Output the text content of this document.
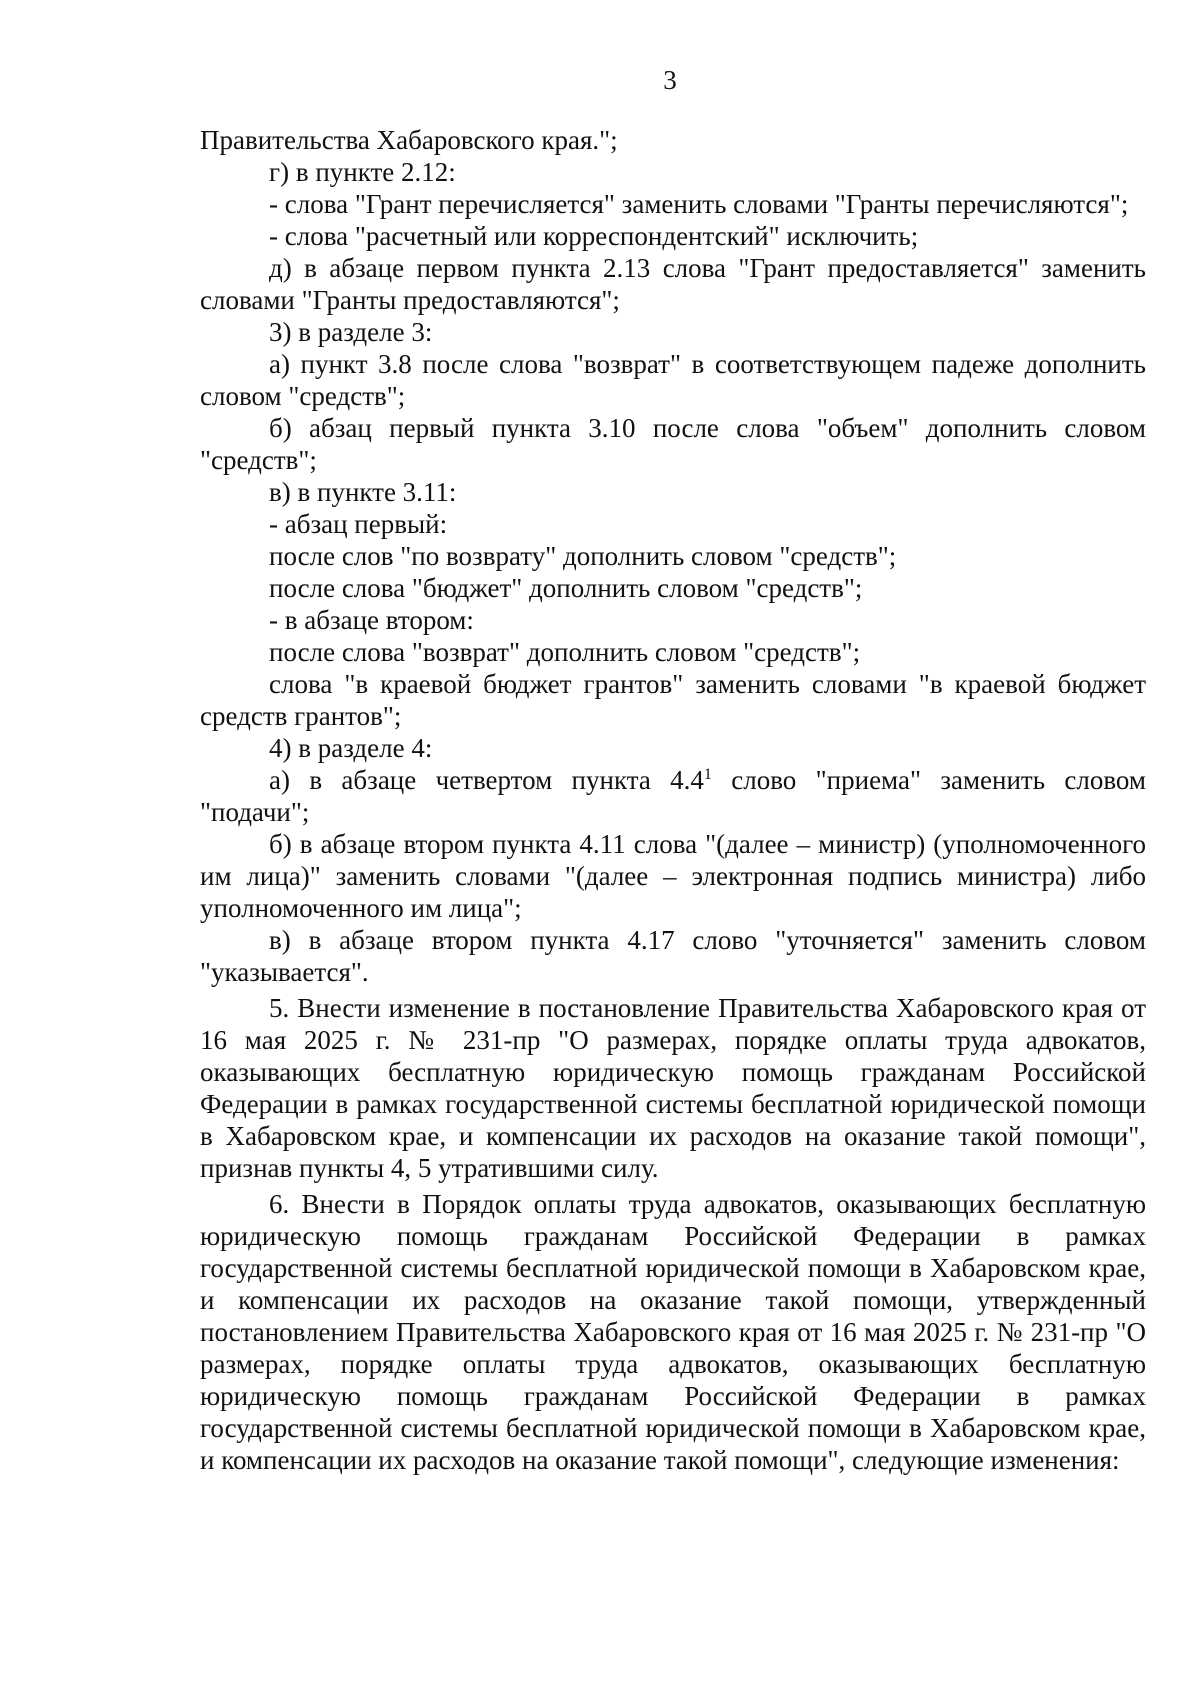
3

Правительства Хабаровского края.";

г) в пункте 2.12:

- слова "Грант перечисляется" заменить словами "Гранты перечисляются";

- слова "расчетный или корреспондентский" исключить;

д) в абзаце первом пункта 2.13 слова "Грант предоставляется" заменить словами "Гранты предоставляются";

3) в разделе 3:

а) пункт 3.8 после слова "возврат" в соответствующем падеже дополнить словом "средств";

б) абзац первый пункта 3.10 после слова "объем" дополнить словом "средств";

в) в пункте 3.11:

- абзац первый:

после слов "по возврату" дополнить словом "средств";

после слова "бюджет" дополнить словом "средств";

- в абзаце втором:

после слова "возврат" дополнить словом "средств";

слова "в краевой бюджет грантов" заменить словами "в краевой бюджет средств грантов";

4) в разделе 4:

а) в абзаце четвертом пункта $4.4^1$ слово "приема" заменить словом "подачи";

б) в абзаце втором пункта 4.11 слова "(далее – министр) (уполномоченного им лица)" заменить словами "(далее – электронная подпись министра) либо уполномоченного им лица";

в) в абзаце втором пункта 4.17 слово "уточняется" заменить словом "указывается".

5. Внести изменение в постановление Правительства Хабаровского края от 16 мая 2025 г. № 231-пр "О размерах, порядке оплаты труда адвокатов, оказывающих бесплатную юридическую помощь гражданам Российской Федерации в рамках государственной системы бесплатной юридической помощи в Хабаровском крае, и компенсации их расходов на оказание такой помощи", признав пункты 4, 5 утратившими силу.

6. Внести в Порядок оплаты труда адвокатов, оказывающих бесплатную юридическую помощь гражданам Российской Федерации в рамках государственной системы бесплатной юридической помощи в Хабаровском крае, и компенсации их расходов на оказание такой помощи, утвержденный постановлением Правительства Хабаровского края от 16 мая 2025 г. № 231-пр "О размерах, порядке оплаты труда адвокатов, оказывающих бесплатную юридическую помощь гражданам Российской Федерации в рамках государственной системы бесплатной юридической помощи в Хабаровском крае, и компенсации их расходов на оказание такой помощи", следующие изменения:
